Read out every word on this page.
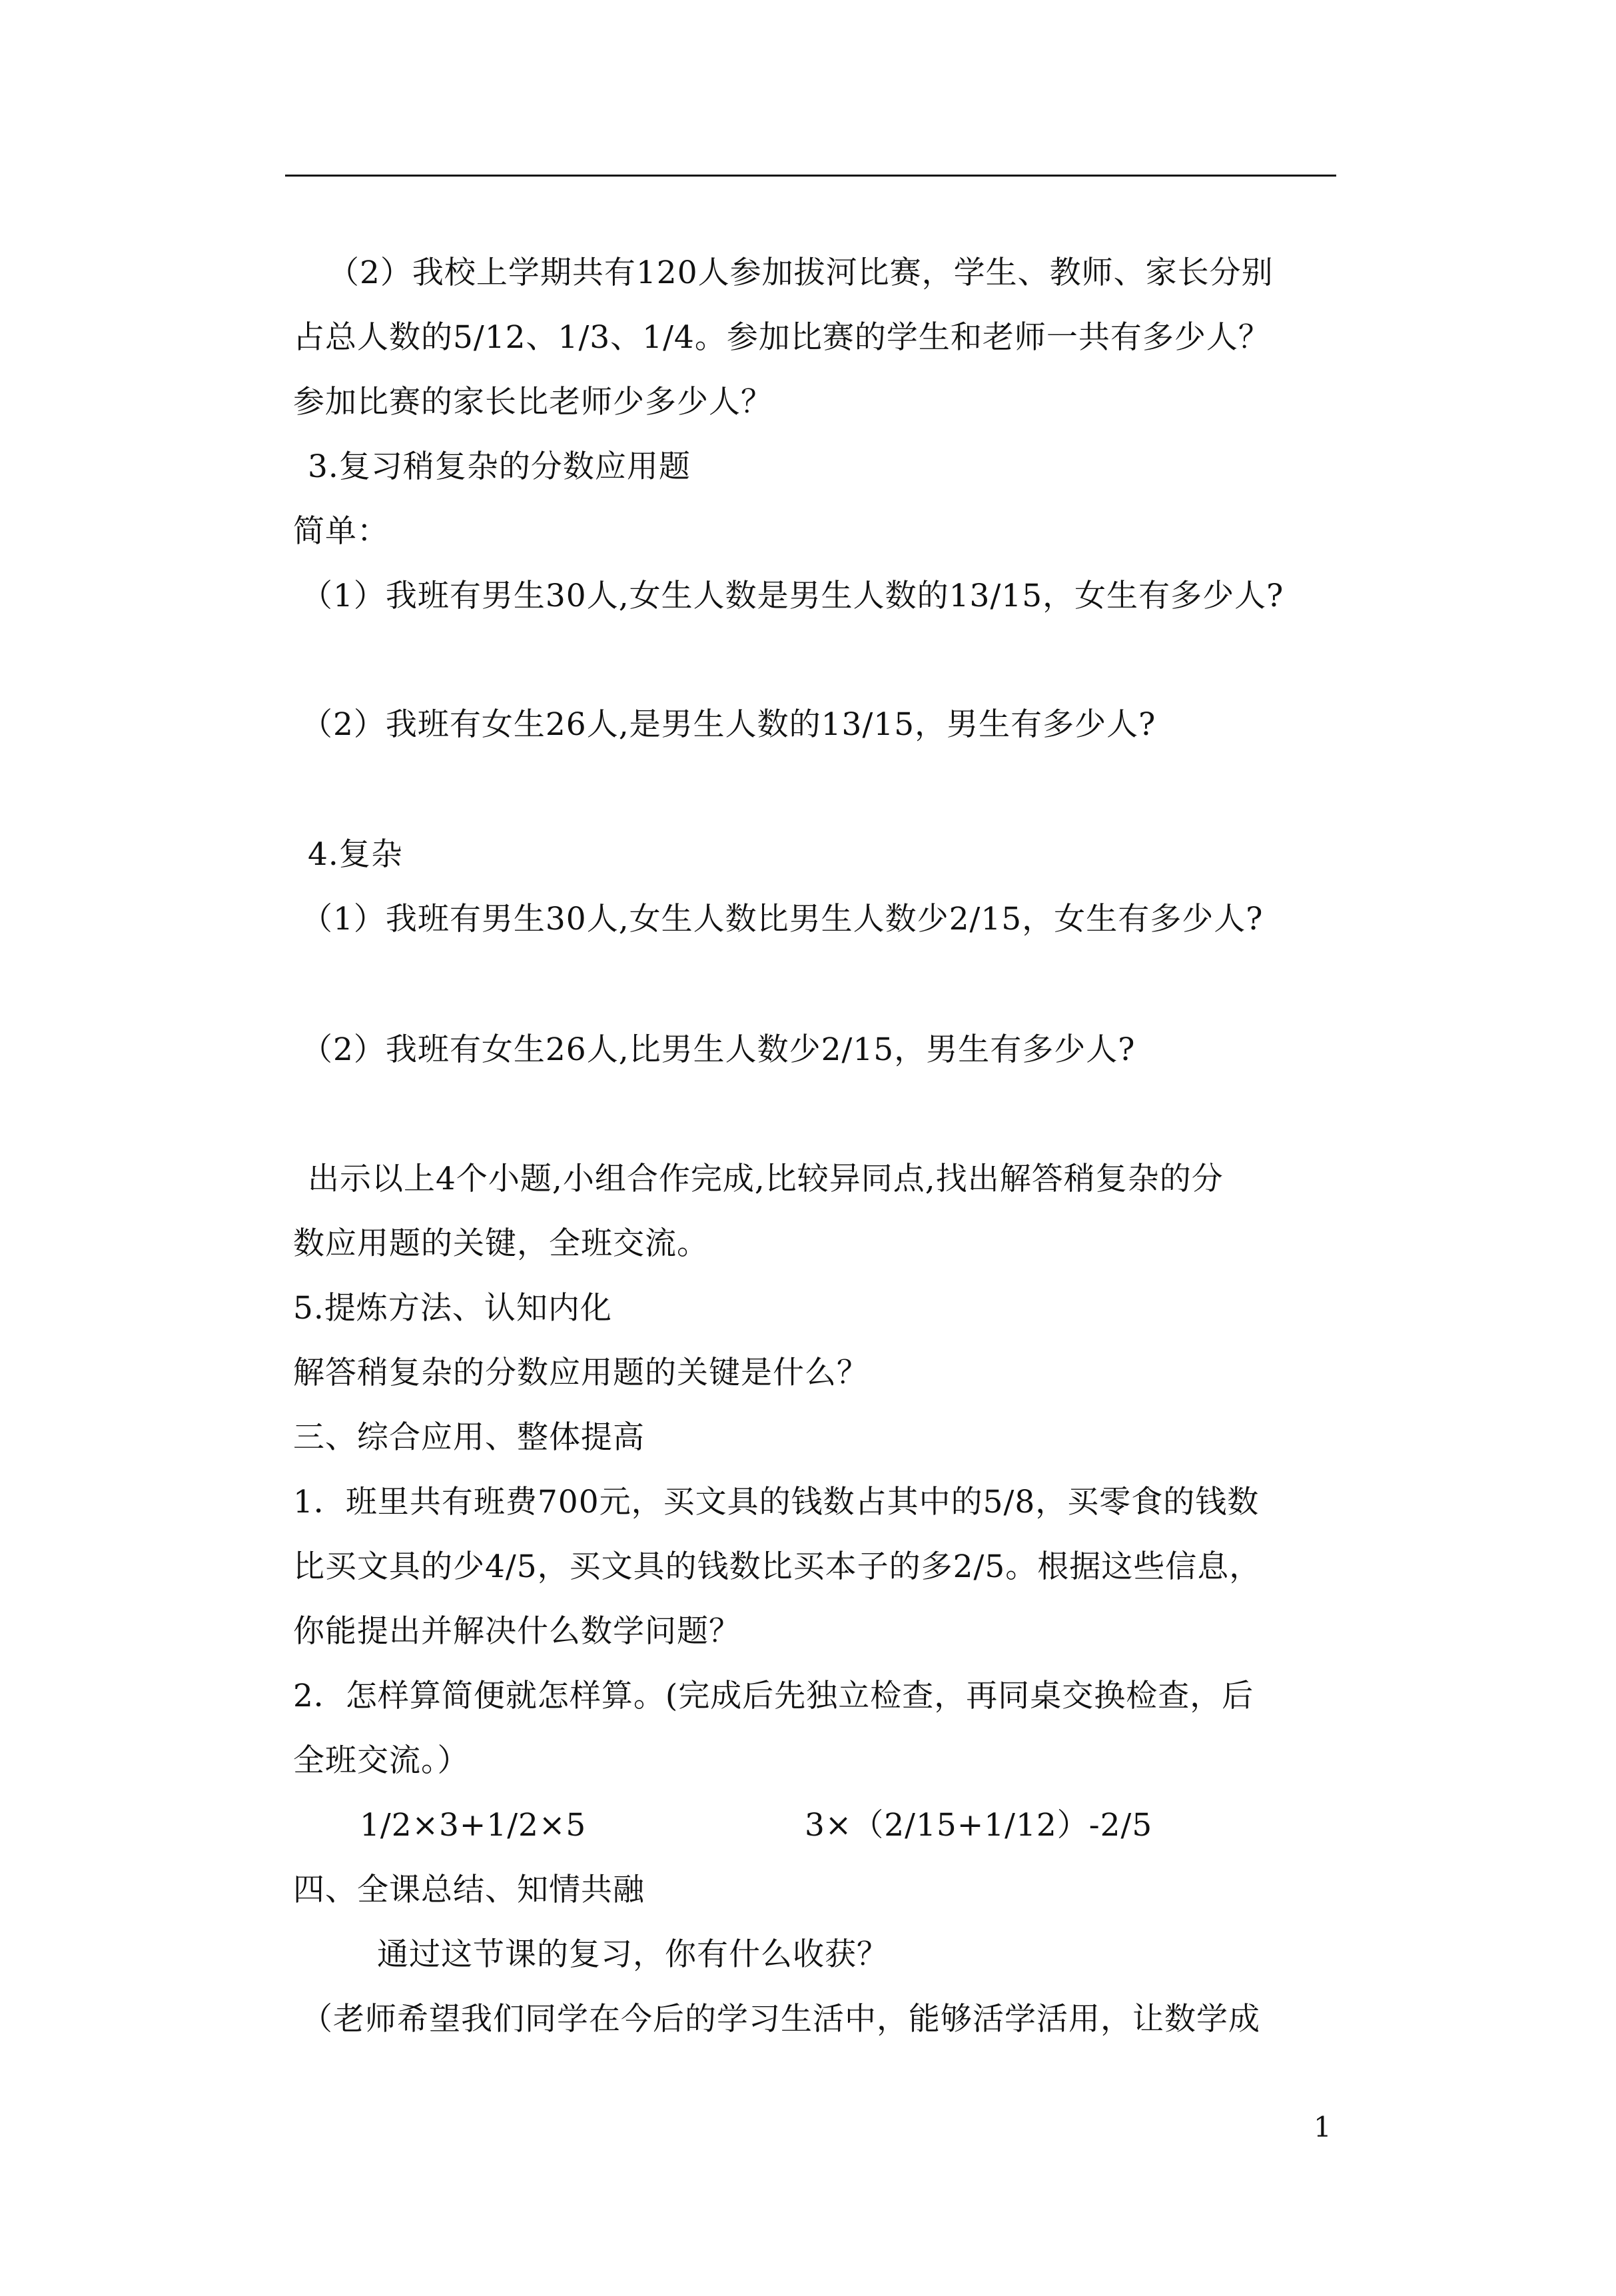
（2）我校上学期共有120人参加拔河比赛，学生、教师、家长分别
占总人数的5/12、1/3、1/4。参加比赛的学生和老师一共有多少人？
参加比赛的家长比老师少多少人？
3.复习稍复杂的分数应用题
简单：
（1）我班有男生30人,女生人数是男生人数的13/15，女生有多少人?
（2）我班有女生26人,是男生人数的13/15，男生有多少人?
4.复杂
（1）我班有男生30人,女生人数比男生人数少2/15，女生有多少人?
（2）我班有女生26人,比男生人数少2/15，男生有多少人?
出示以上4个小题,小组合作完成,比较异同点,找出解答稍复杂的分
数应用题的关键，全班交流。
5.提炼方法、认知内化
解答稍复杂的分数应用题的关键是什么？
三、综合应用、整体提高
1．班里共有班费700元，买文具的钱数占其中的5/8，买零食的钱数
比买文具的少4/5，买文具的钱数比买本子的多2/5。根据这些信息，
你能提出并解决什么数学问题？
2．怎样算简便就怎样算。(完成后先独立检查，再同桌交换检查，后
全班交流。）
1/2×3+1/2×5	3×（2/15+1/12）-2/5
四、全课总结、知情共融
通过这节课的复习，你有什么收获？
（老师希望我们同学在今后的学习生活中，能够活学活用，让数学成
1
